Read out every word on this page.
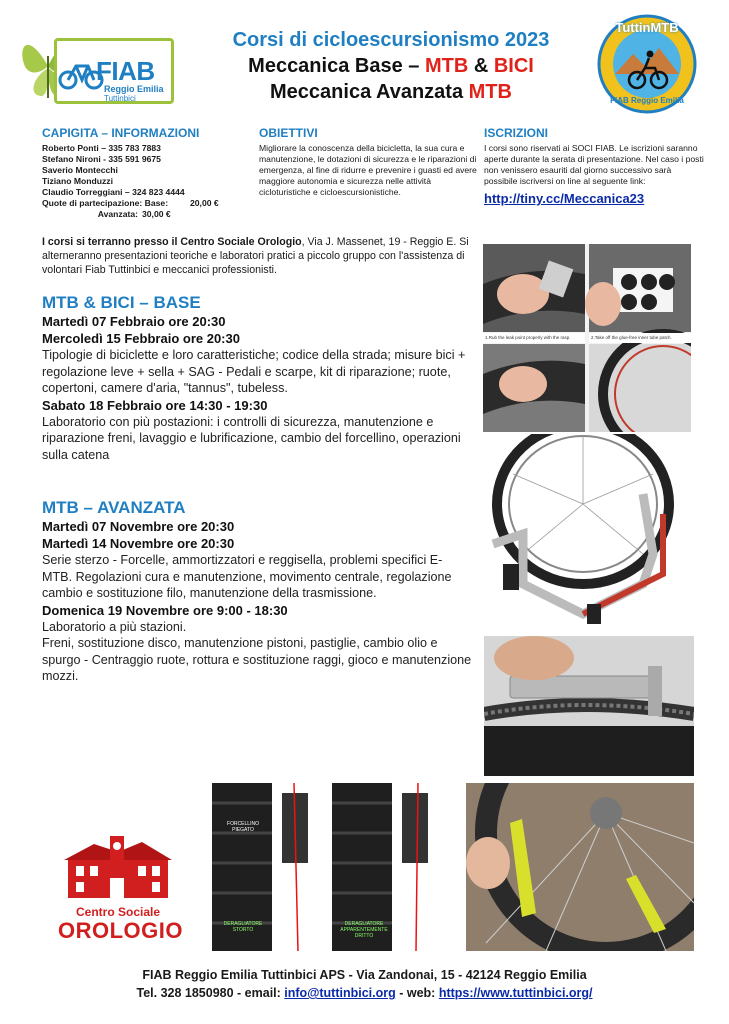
FIAB
Reggio Emilia
Tuttinbici
Corsi di cicloescursionismo 2023
Meccanica Base – MTB & BICI
Meccanica Avanzata MTB
TuttinMTB
FIAB Reggio Emilia
CAPIGITA – INFORMAZIONI
Roberto Ponti – 335 783 7883
Stefano Nironi - 335 591 9675
Saverio Montecchi
Tiziano Monduzzi
Claudio Torreggiani – 324 823 4444
Quote di partecipazione: Base:	20,00 €
Avanzata: 30,00 €
OBIETTIVI
Migliorare la conoscenza della bicicletta, la sua cura e manutenzione, le dotazioni di sicurezza e le riparazioni di emergenza, al fine di ridurre e prevenire i guasti ed avere maggiore autonomia e sicurezza nelle attività cicloturistiche e cicloescursionistiche.
ISCRIZIONI
I corsi sono riservati ai SOCI FIAB. Le iscrizioni saranno aperte durante la serata di presentazione. Nel caso i posti non venissero esauriti dal giorno successivo sarà possibile iscriversi on line al seguente link:
http://tiny.cc/Meccanica23
I corsi si terranno presso il Centro Sociale Orologio, Via J. Massenet, 19 - Reggio E. Si alterneranno presentazioni teoriche e laboratori pratici a piccolo gruppo con l'assistenza di volontari Fiab Tuttinbici e meccanici professionisti.
MTB & BICI – BASE
Martedì 07 Febbraio ore 20:30
Mercoledì 15 Febbraio ore 20:30
Tipologie di biciclette e loro caratteristiche; codice della strada; misure bici + regolazione leve + sella + SAG - Pedali e scarpe, kit di riparazione; ruote, copertoni, camere d'aria, "tannus", tubeless.
Sabato 18 Febbraio ore 14:30 - 19:30
Laboratorio con più postazioni: i controlli di sicurezza, manutenzione e riparazione freni, lavaggio e lubrificazione, cambio del forcellino, operazioni sulla catena
MTB – AVANZATA
Martedì 07 Novembre ore 20:30
Martedì 14 Novembre ore 20:30
Serie sterzo - Forcelle, ammortizzatori e reggisella, problemi specifici E-MTB. Regolazioni cura e manutenzione, movimento centrale, regolazione cambio e sostituzione filo, manutenzione della trasmissione.
Domenica 19 Novembre ore 9:00 - 18:30
Laboratorio a più stazioni.
Freni, sostituzione disco, manutenzione pistoni, pastiglie, cambio olio e spurgo - Centraggio ruote, rottura e sostituzione raggi, gioco e manutenzione mozzi.
1.Rub the leak point properly with the rasp.	2.Take off the glue-free inner tube patch.
FORCELLINO PIEGATO
DERAGLIATORE STORTO
DERAGLIATORE APPARENTEMENTE DRITTO
Centro Sociale
OROLOGIO
FIAB Reggio Emilia Tuttinbici APS - Via Zandonai, 15 - 42124 Reggio Emilia
Tel. 328 1850980 - email: info@tuttinbici.org - web: https://www.tuttinbici.org/
